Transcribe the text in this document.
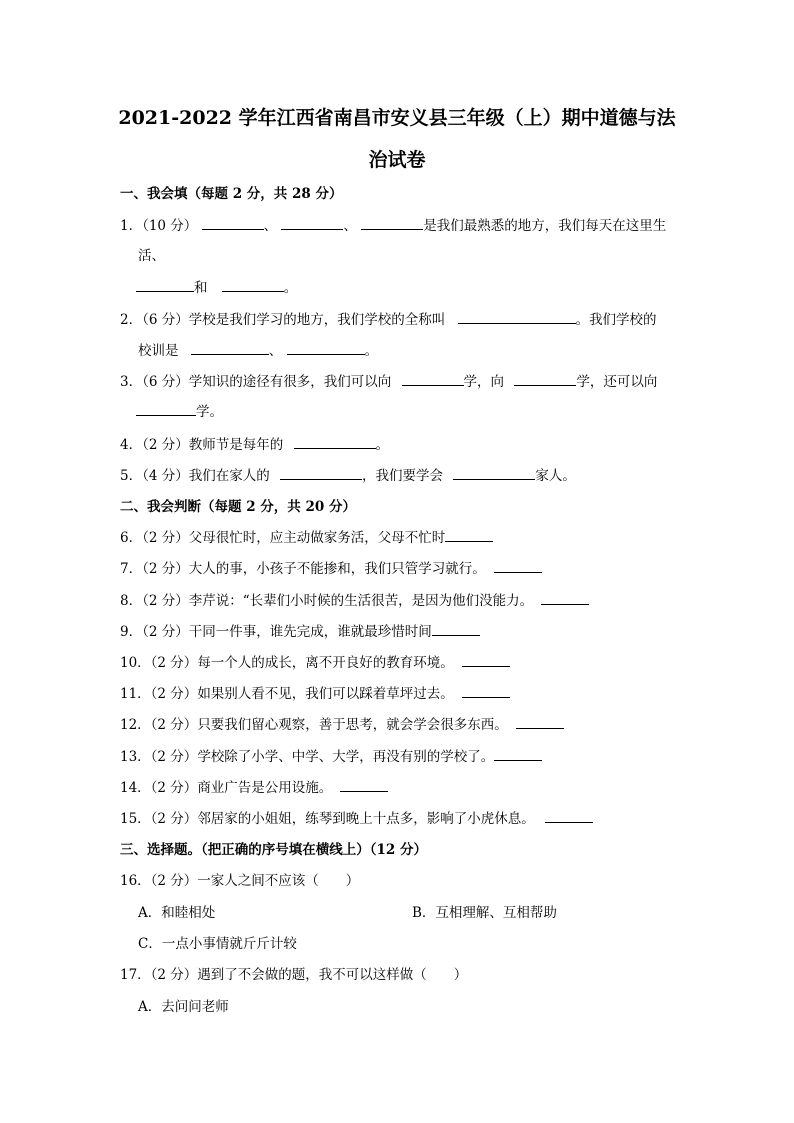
2021-2022 学年江西省南昌市安义县三年级（上）期中道德与法
治试卷
一、我会填（每题 2 分，共 28 分）
1．（10 分）	、	、	是我们最熟悉的地方，我们每天在这里生
活、
和	。
2．（6 分）学校是我们学习的地方，我们学校的全称叫	。我们学校的
校训是	、	。
3．（6 分）学知识的途径有很多，我们可以向	学，向	学，还可以向
学。
4．（2 分）教师节是每年的	。
5．（4 分）我们在家人的	，我们要学会	家人。
二、我会判断（每题 2 分，共 20 分）
6．（2 分）父母很忙时，应主动做家务活，父母不忙时
7．（2 分）大人的事，小孩子不能掺和，我们只管学习就行。
8．（2 分）李芹说：“长辈们小时候的生活很苦，是因为他们没能力。
9．（2 分）干同一件事，谁先完成，谁就最珍惜时间
10．（2 分）每一个人的成长，离不开良好的教育环境。
11．（2 分）如果别人看不见，我们可以踩着草坪过去。
12．（2 分）只要我们留心观察，善于思考，就会学会很多东西。
13．（2 分）学校除了小学、中学、大学，再没有别的学校了。
14．（2 分）商业广告是公用设施。
15．（2 分）邻居家的小姐姐，练琴到晚上十点多，影响了小虎休息。
三、选择题。（把正确的序号填在横线上）（12 分）
16．（2 分）一家人之间不应该（　　）
A．和睦相处	B．互相理解、互相帮助
C．一点小事情就斤斤计较
17．（2 分）遇到了不会做的题，我不可以这样做（　　）
A．去问问老师
